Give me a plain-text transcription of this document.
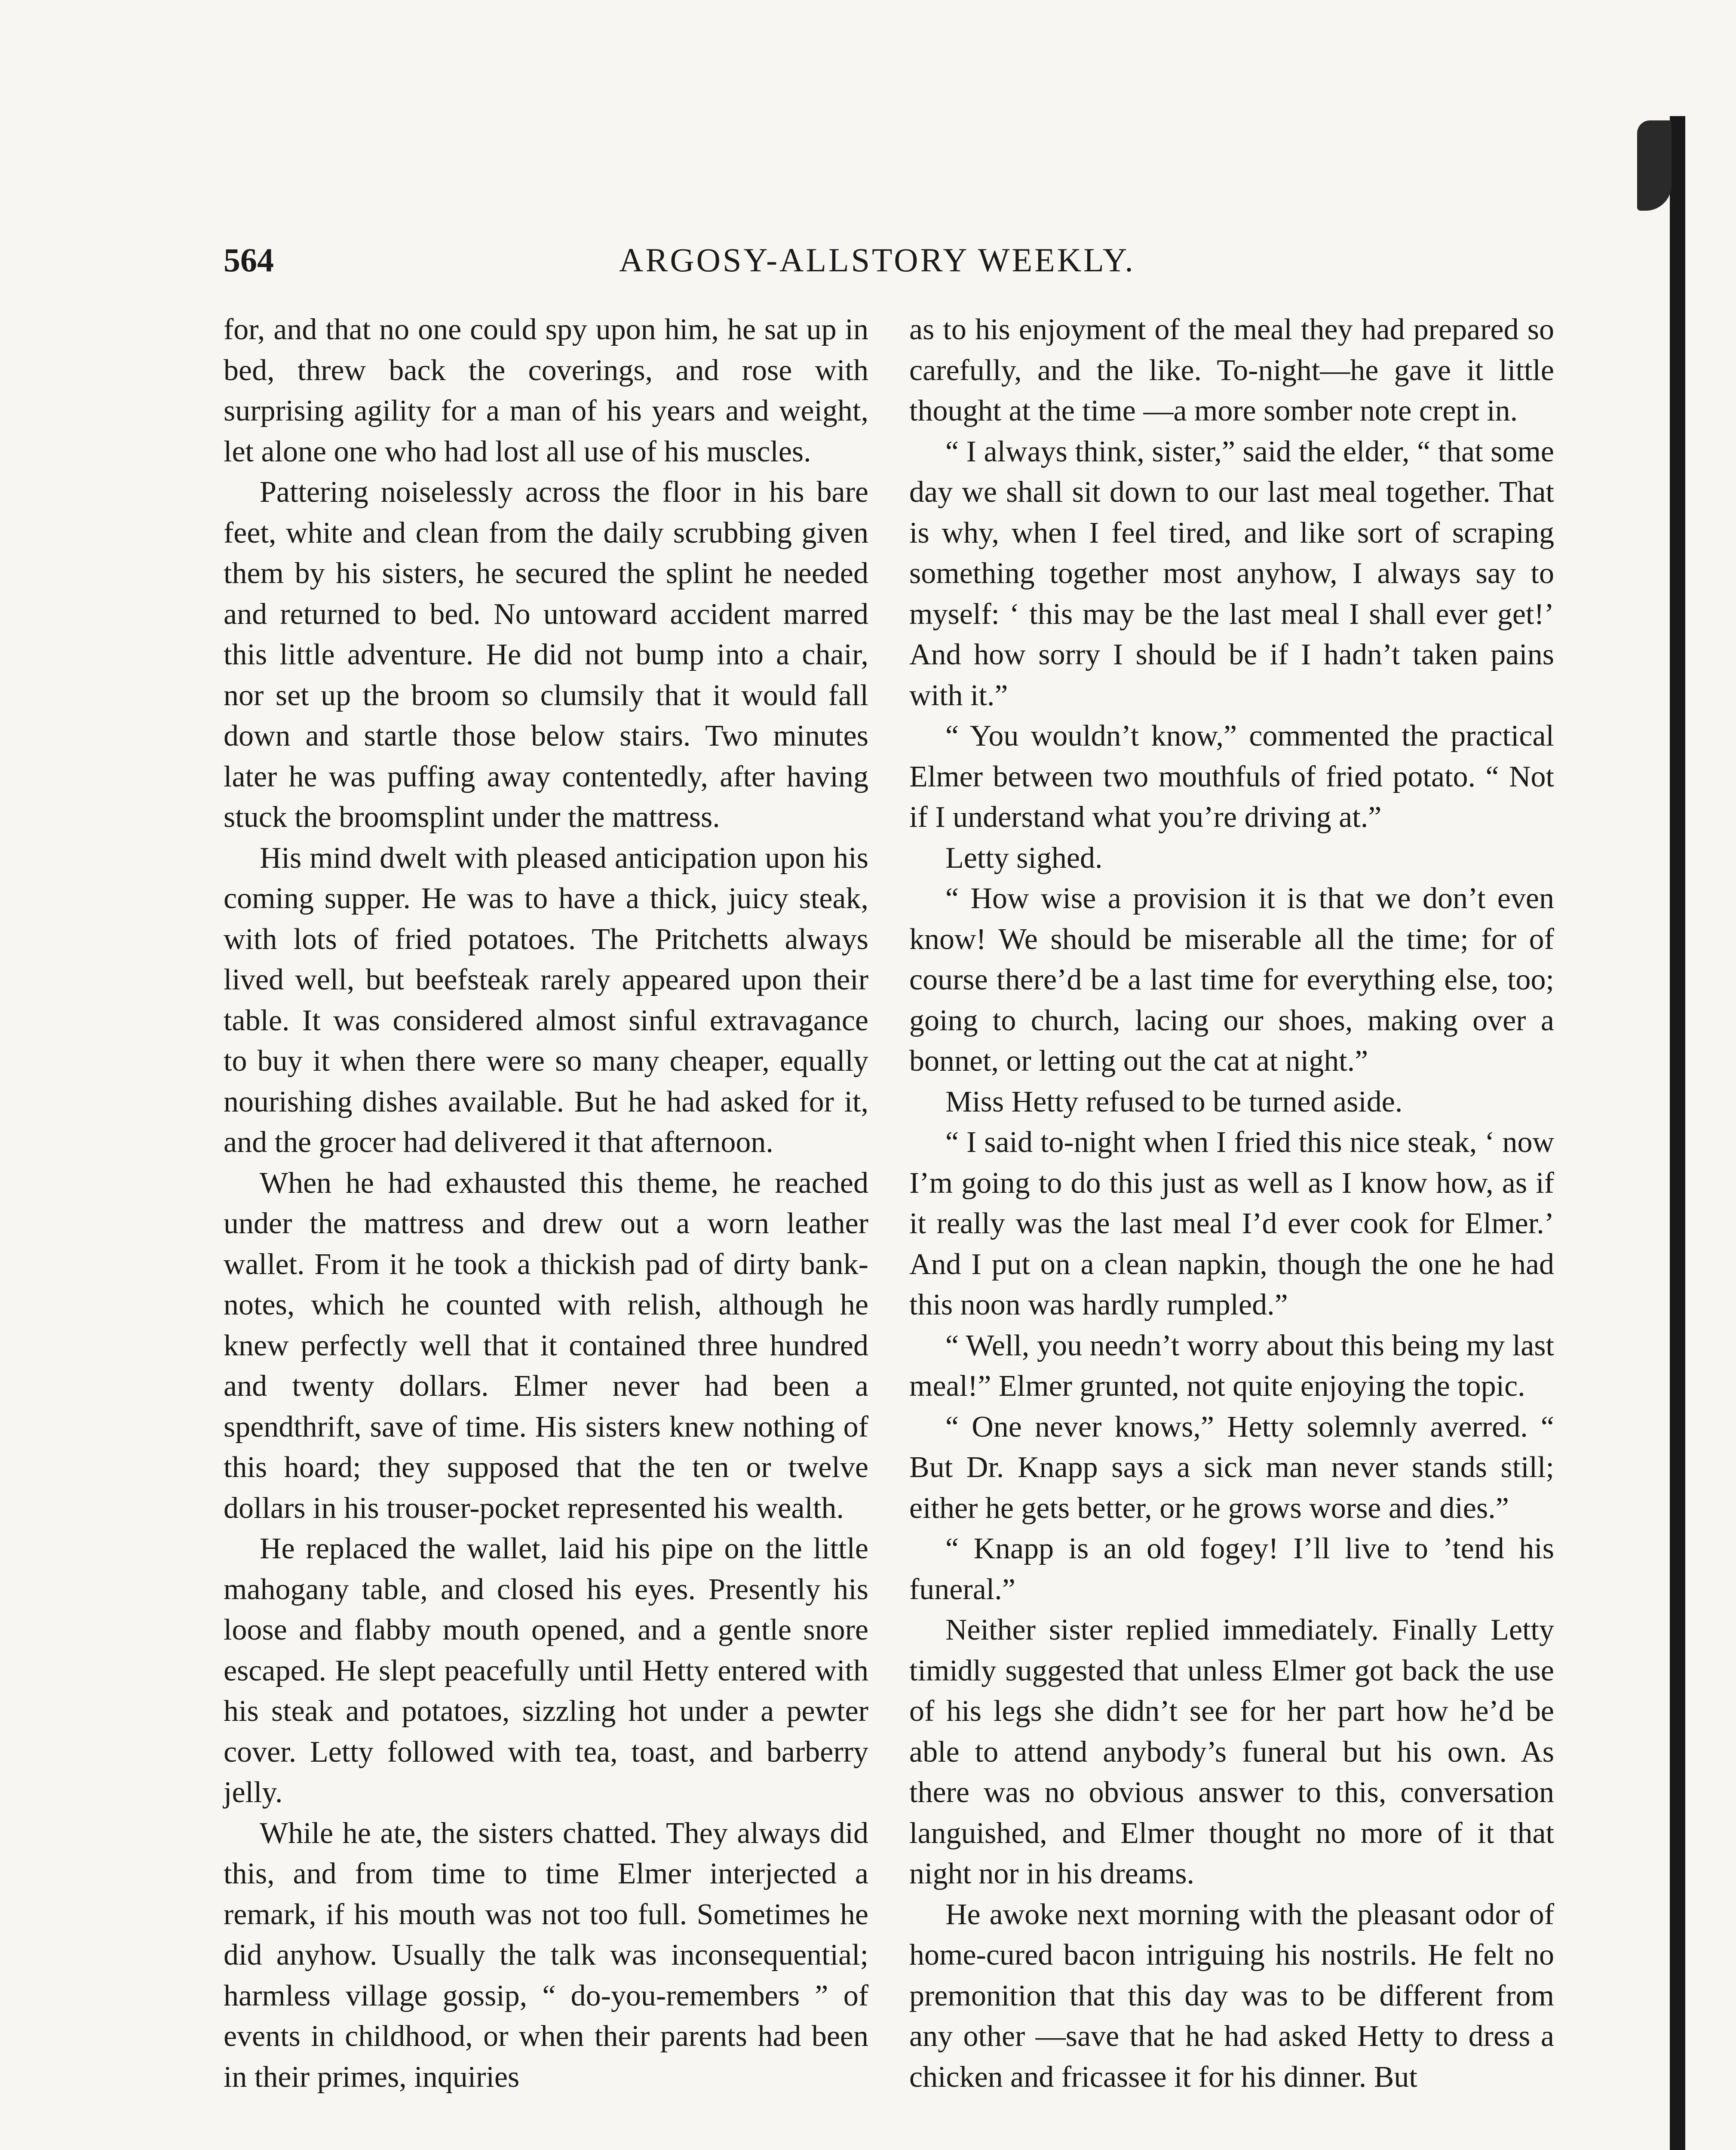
564	ARGOSY-ALLSTORY WEEKLY.

for, and that no one could spy upon him, he sat up in bed, threw back the coverings, and rose with surprising agility for a man of his years and weight, let alone one who had lost all use of his muscles.

Pattering noiselessly across the floor in his bare feet, white and clean from the daily scrubbing given them by his sisters, he secured the splint he needed and returned to bed. No untoward accident marred this little adventure. He did not bump into a chair, nor set up the broom so clumsily that it would fall down and startle those below stairs. Two minutes later he was puffing away contentedly, after having stuck the broomsplint under the mattress.

His mind dwelt with pleased anticipation upon his coming supper. He was to have a thick, juicy steak, with lots of fried potatoes. The Pritchetts always lived well, but beefsteak rarely appeared upon their table. It was considered almost sinful extravagance to buy it when there were so many cheaper, equally nourishing dishes available. But he had asked for it, and the grocer had delivered it that afternoon.

When he had exhausted this theme, he reached under the mattress and drew out a worn leather wallet. From it he took a thickish pad of dirty bank-notes, which he counted with relish, although he knew perfectly well that it contained three hundred and twenty dollars. Elmer never had been a spendthrift, save of time. His sisters knew nothing of this hoard; they supposed that the ten or twelve dollars in his trouser-pocket represented his wealth.

He replaced the wallet, laid his pipe on the little mahogany table, and closed his eyes. Presently his loose and flabby mouth opened, and a gentle snore escaped. He slept peacefully until Hetty entered with his steak and potatoes, sizzling hot under a pewter cover. Letty followed with tea, toast, and barberry jelly.

While he ate, the sisters chatted. They always did this, and from time to time Elmer interjected a remark, if his mouth was not too full. Sometimes he did anyhow. Usually the talk was inconsequential; harmless village gossip, “ do-you-remembers ” of events in childhood, or when their parents had been in their primes, inquiries

as to his enjoyment of the meal they had prepared so carefully, and the like. To-night—he gave it little thought at the time —a more somber note crept in.

“ I always think, sister,” said the elder, “ that some day we shall sit down to our last meal together. That is why, when I feel tired, and like sort of scraping something together most anyhow, I always say to myself: ‘ this may be the last meal I shall ever get!’ And how sorry I should be if I hadn’t taken pains with it.”

“ You wouldn’t know,” commented the practical Elmer between two mouthfuls of fried potato. “ Not if I understand what you’re driving at.”

Letty sighed.

“ How wise a provision it is that we don’t even know! We should be miserable all the time; for of course there’d be a last time for everything else, too; going to church, lacing our shoes, making over a bonnet, or letting out the cat at night.”

Miss Hetty refused to be turned aside.

“ I said to-night when I fried this nice steak, ‘ now I’m going to do this just as well as I know how, as if it really was the last meal I’d ever cook for Elmer.’ And I put on a clean napkin, though the one he had this noon was hardly rumpled.”

“ Well, you needn’t worry about this being my last meal!” Elmer grunted, not quite enjoying the topic.

“ One never knows,” Hetty solemnly averred. “ But Dr. Knapp says a sick man never stands still; either he gets better, or he grows worse and dies.”

“ Knapp is an old fogey! I’ll live to ’tend his funeral.”

Neither sister replied immediately. Finally Letty timidly suggested that unless Elmer got back the use of his legs she didn’t see for her part how he’d be able to attend anybody’s funeral but his own. As there was no obvious answer to this, conversation languished, and Elmer thought no more of it that night nor in his dreams.

He awoke next morning with the pleasant odor of home-cured bacon intriguing his nostrils. He felt no premonition that this day was to be different from any other —save that he had asked Hetty to dress a chicken and fricassee it for his dinner. But
